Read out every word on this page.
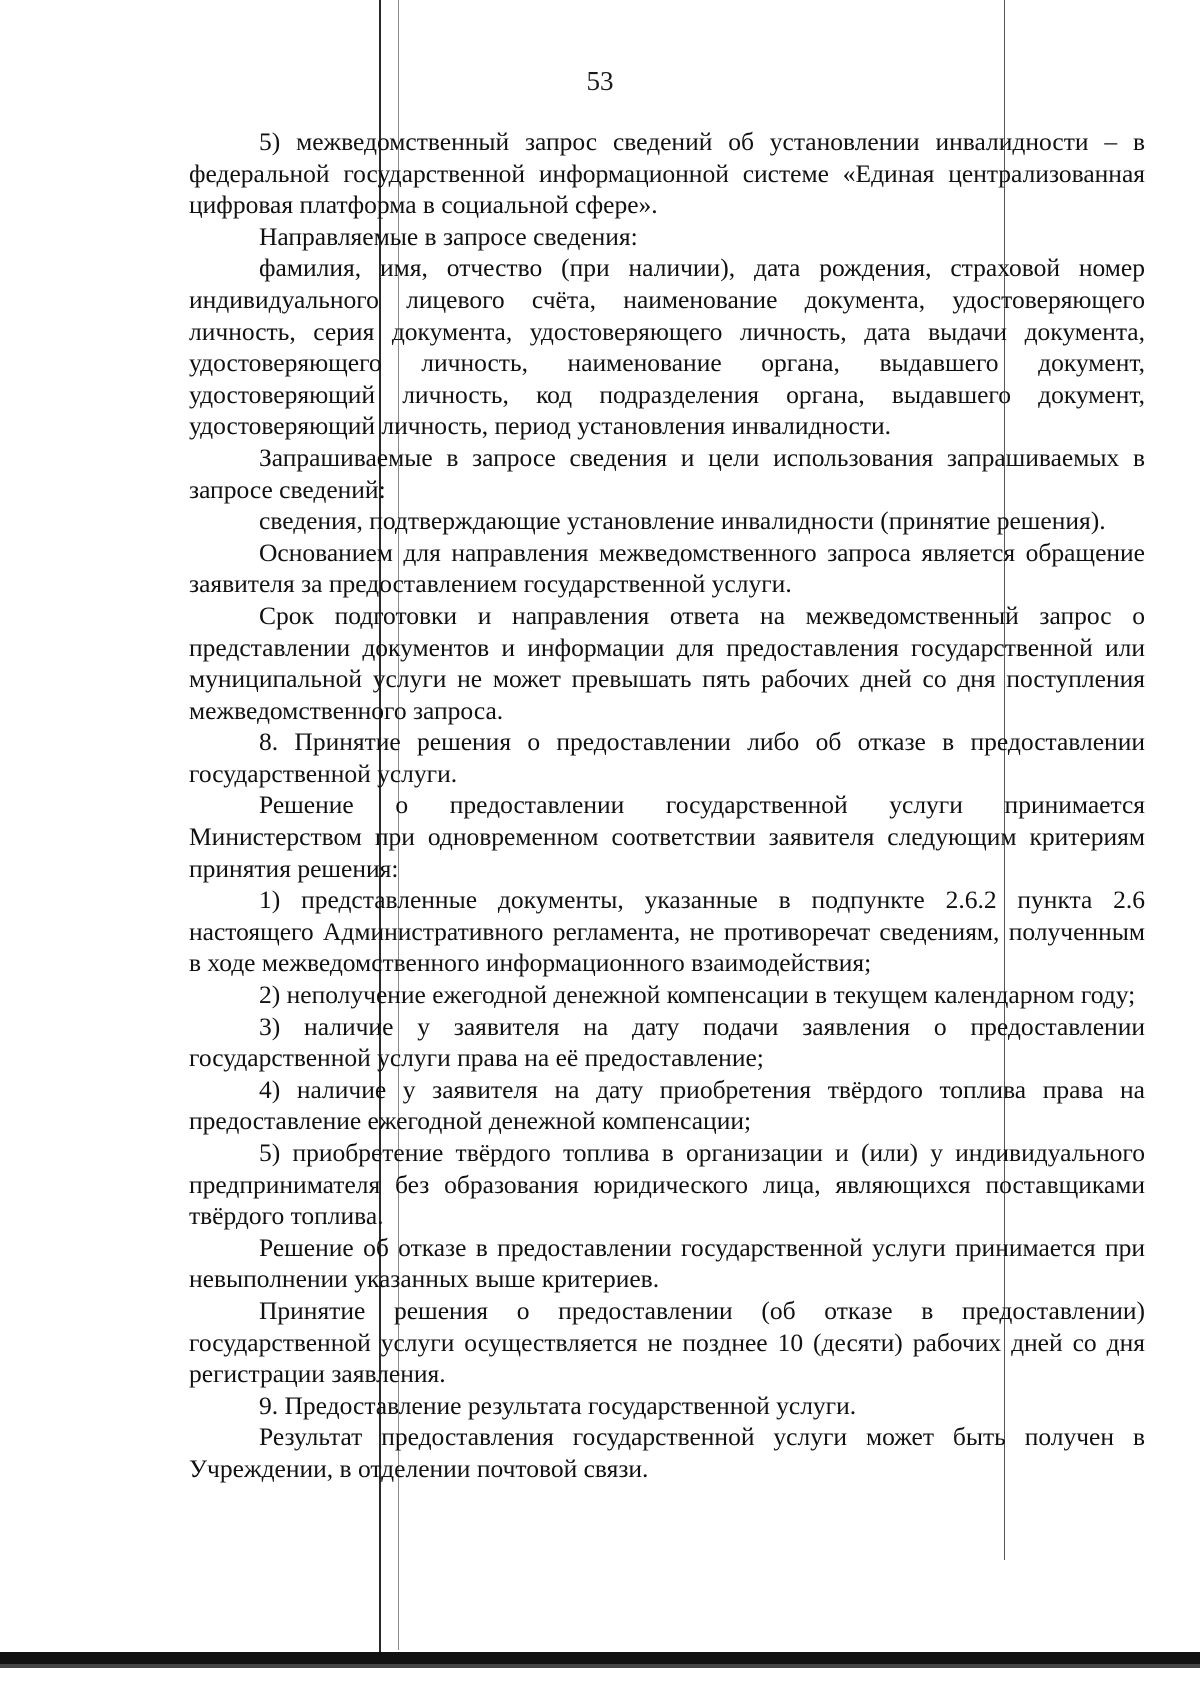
53

5) межведомственный запрос сведений об установлении инвалидности – в федеральной государственной информационной системе «Единая централизованная цифровая платформа в социальной сфере».

Направляемые в запросе сведения:

фамилия, имя, отчество (при наличии), дата рождения, страховой номер индивидуального лицевого счёта, наименование документа, удостоверяющего личность, серия документа, удостоверяющего личность, дата выдачи документа, удостоверяющего личность, наименование органа, выдавшего документ, удостоверяющий личность, код подразделения органа, выдавшего документ, удостоверяющий личность, период установления инвалидности.

Запрашиваемые в запросе сведения и цели использования запрашиваемых в запросе сведений:

сведения, подтверждающие установление инвалидности (принятие решения).

Основанием для направления межведомственного запроса является обращение заявителя за предоставлением государственной услуги.

Срок подготовки и направления ответа на межведомственный запрос о представлении документов и информации для предоставления государственной или муниципальной услуги не может превышать пять рабочих дней со дня поступления межведомственного запроса.

8. Принятие решения о предоставлении либо об отказе в предоставлении государственной услуги.

Решение о предоставлении государственной услуги принимается Министерством при одновременном соответствии заявителя следующим критериям принятия решения:

1) представленные документы, указанные в подпункте 2.6.2 пункта 2.6 настоящего Административного регламента, не противоречат сведениям, полученным в ходе межведомственного информационного взаимодействия;

2) неполучение ежегодной денежной компенсации в текущем календарном году;

3) наличие у заявителя на дату подачи заявления о предоставлении государственной услуги права на её предоставление;

4) наличие у заявителя на дату приобретения твёрдого топлива права на предоставление ежегодной денежной компенсации;

5) приобретение твёрдого топлива в организации и (или) у индивидуального предпринимателя без образования юридического лица, являющихся поставщиками твёрдого топлива.

Решение об отказе в предоставлении государственной услуги принимается при невыполнении указанных выше критериев.

Принятие решения о предоставлении (об отказе в предоставлении) государственной услуги осуществляется не позднее 10 (десяти) рабочих дней со дня регистрации заявления.

9. Предоставление результата государственной услуги.

Результат предоставления государственной услуги может быть получен в Учреждении, в отделении почтовой связи.
